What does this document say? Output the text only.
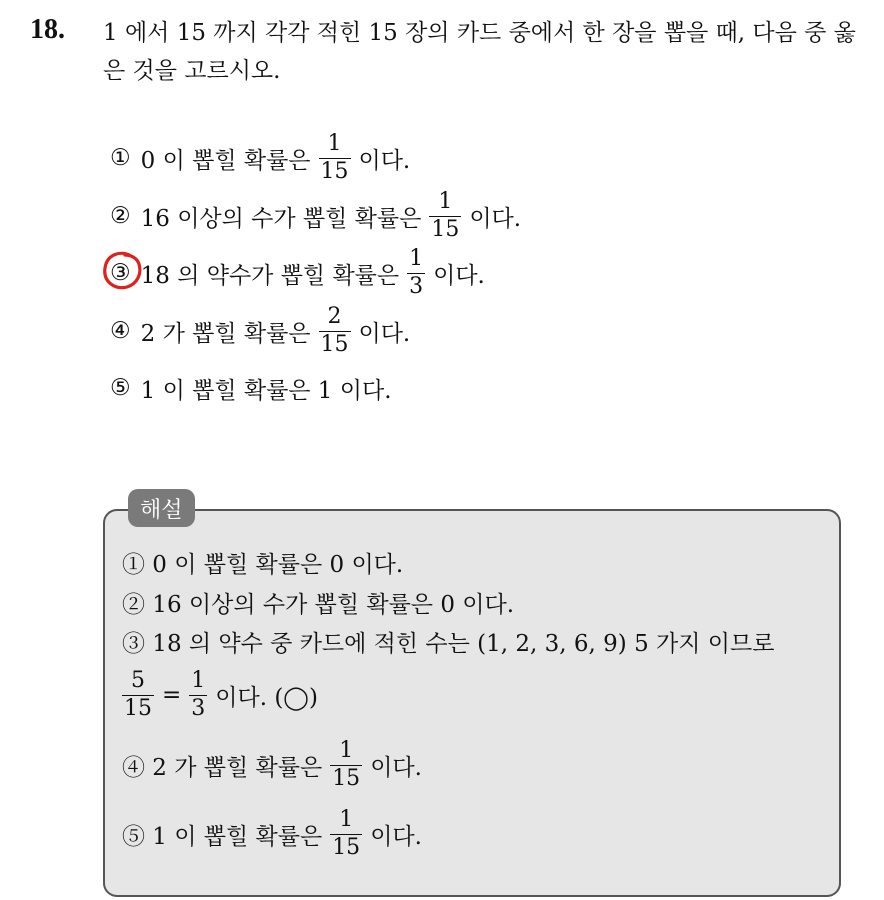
18. 1 에서 15 까지 각각 적힌 15 장의 카드 중에서 한 장을 뽑을 때, 다음 중 옳은 것을 고르시오.
① 0 이 뽑힐 확률은 $\frac{1}{15}$ 이다.
② 16 이상의 수가 뽑힐 확률은 $\frac{1}{15}$ 이다.
③ 18 의 약수가 뽑힐 확률은 $\frac{1}{3}$ 이다.
④ 2 가 뽑힐 확률은 $\frac{2}{15}$ 이다.
⑤ 1 이 뽑힐 확률은 1 이다.
해설
① 0 이 뽑힐 확률은 0 이다.
② 16 이상의 수가 뽑힐 확률은 0 이다.
③ 18 의 약수 중 카드에 적힌 수는 (1, 2, 3, 6, 9) 5 가지 이므로
$\frac{5}{15} = \frac{1}{3}$ 이다. (◯)
④ 2 가 뽑힐 확률은 $\frac{1}{15}$ 이다.
⑤ 1 이 뽑힐 확률은 $\frac{1}{15}$ 이다.
